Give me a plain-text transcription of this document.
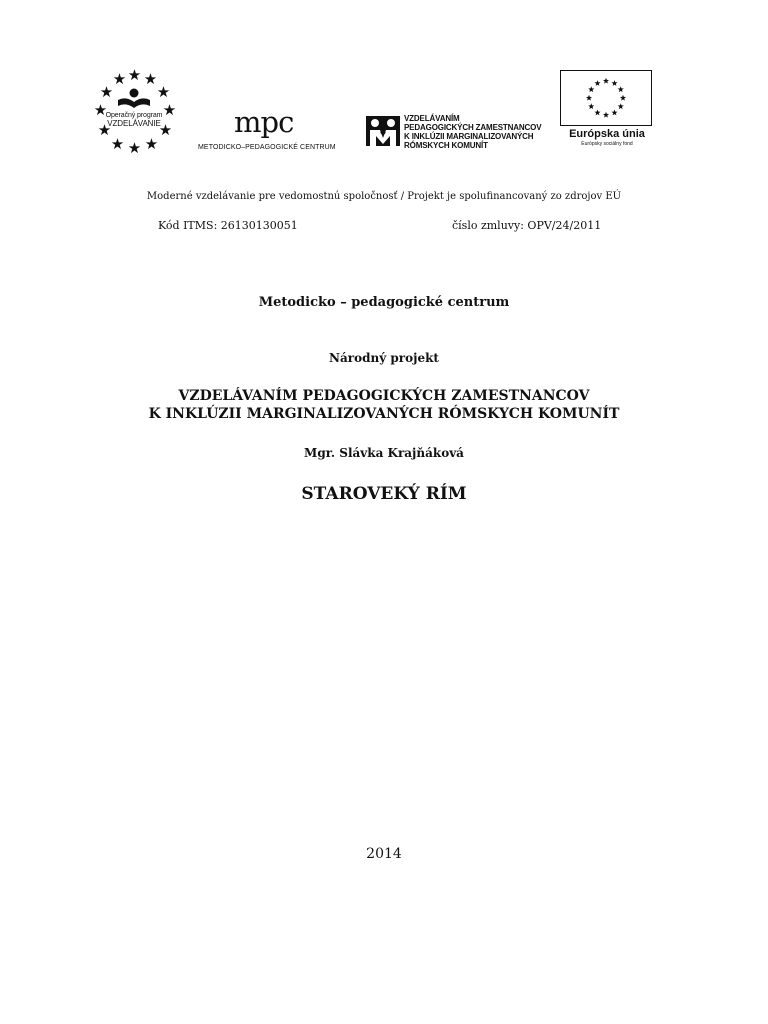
★ ★ ★
★	★
★	★
★	★
★ ★ ★
Operačný program
VZDELÁVANIE	mpc
METODICKO–PEDAGOGICKÉ CENTRUM
VZDELÁVANÍM
PEDAGOGICKÝCH ZAMESTNANCOV
K INKLÚZII MARGINALIZOVANÝCH
RÓMSKYCH KOMUNÍT
Európska únia
Európsky sociálny fond
Moderné vzdelávanie pre vedomostnú spoločnosť / Projekt je spolufinancovaný zo zdrojov EÚ
Kód ITMS: 26130130051	číslo zmluvy: OPV/24/2011
Metodicko – pedagogické centrum
Národný projekt
VZDELÁVANÍM PEDAGOGICKÝCH ZAMESTNANCOV
K INKLÚZII MARGINALIZOVANÝCH RÓMSKYCH KOMUNÍT
Mgr. Slávka Krajňáková
STAROVEKÝ RÍM
2014
